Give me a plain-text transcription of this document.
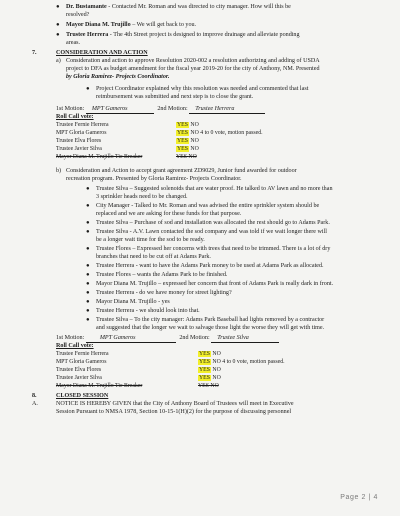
● Dr. Bustamante - Contacted Mr. Roman and was directed to city manager. How will this be
resolved?
● Mayor Diana M. Trujillo – We will get back to you.
● Trustee Herrera - The 4th Street project is designed to improve drainage and alleviate ponding
areas.
7.	CONSIDERATION AND ACTION
a) Consideration and action to approve Resolution 2020-002 a resolution authorizing and adding of USDA
project to DFA as budget amendment for the fiscal year 2019-20 for the city of Anthony, NM. Presented
by Gloria Ramirez- Projects Coordinator.
● Project Coordinator explained why this resolution was needed and commented that last
reimbursement was submitted and next step is to close the grant.
1st Motion: MPT Gameros	2nd Motion: Trustee Herrera
Roll Call vote:
Trustee Fernie Herrera	YES NO
MPT Gloria Gameros	YES NO 4 to 0 vote, motion passed.
Trustee Elva Flores	YES NO
Trustee Javier Silva	YES NO
Mayor Diana M. Trujillo Tie Breaker	YES NO
b) Consideration and Action to accept grant agreement ZD9029, Junior fund awarded for outdoor
recreation program. Presented by Gloria Ramirez- Projects Coordinator.
● Trustee Silva – Suggested solenoids that are water proof. He talked to AV lawn and no more than
3 sprinkler heads need to be changed.
● City Manager - Talked to Mr. Roman and was advised the entire sprinkler system should be
replaced and we are asking for these funds for that purpose.
● Trustee Silva – Purchase of sod and installation was allocated the rest should go to Adams Park.
● Trustee Silva - A.V. Lawn contacted the sod company and was told if we wait longer there will
be a longer wait time for the sod to be ready.
● Trustee Flores – Expressed her concerns with trees that need to be trimmed. There is a lot of dry
branches that need to be cut off at Adams Park.
● Trustee Herrera - want to have the Adams Park money to be used at Adams Park as allocated.
● Trustee Flores – wants the Adams Park to be finished.
● Mayor Diana M. Trujillo – expressed her concern that front of Adams Park is really dark in front.
● Trustee Herrera - do we have money for street lighting?
● Mayor Diana M. Trujillo - yes
● Trustee Herrera - we should look into that.
● Trustee Silva – To the city manager: Adams Park Baseball had lights removed by a contractor
and suggested that the longer we wait to salvage those light the worse they will get with time.
1st Motion:	MPT Gameros	2nd Motion: Trustee Silva
Roll Call vote:
Trustee Fernie Herrera	YES NO
MPT Gloria Gameros	YES NO 4 to 0 vote, motion passed.
Trustee Elva Flores	YES NO
Trustee Javier Silva	YES NO
Mayor Diana M. Trujillo Tie Breaker	YES NO
8.	CLOSED SESSION
A.	NOTICE IS HEREBY GIVEN that the City of Anthony Board of Trustees will meet in Executive
Session Pursuant to NMSA 1978, Section 10-15-1(H)(2) for the purpose of discussing personnel
Page 2 | 4
